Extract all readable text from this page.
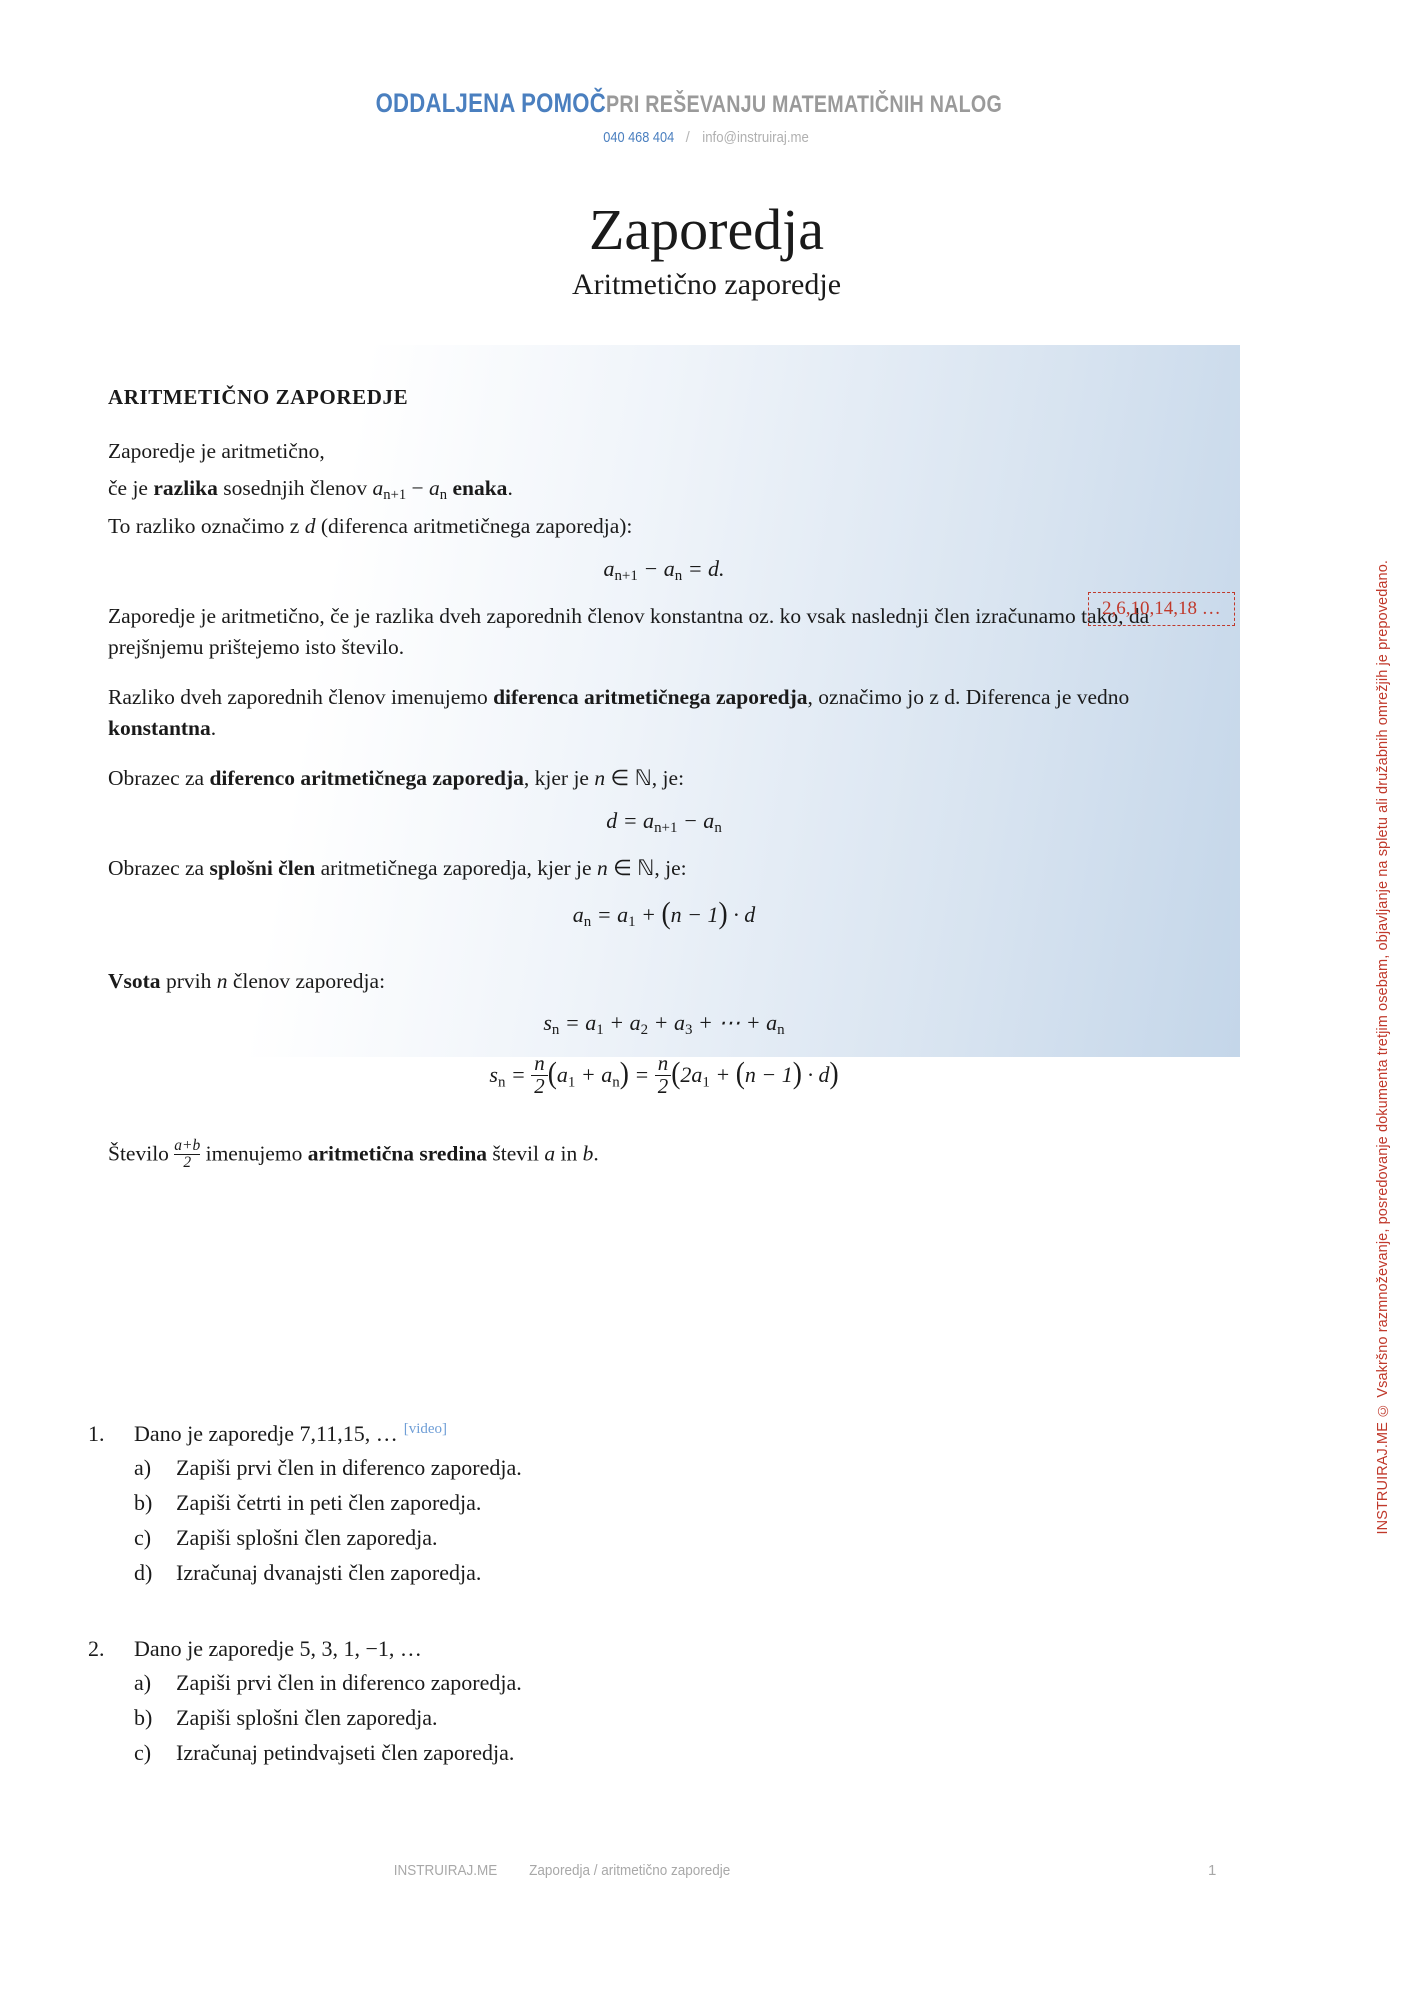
ODDALJENA POMOČPRI REŠEVANJU MATEMATIČNIH NALOG
040 468 404 / info@instruiraj.me
Zaporedja
Aritmetično zaporedje
ARITMETIČNO ZAPOREDJE
Zaporedje je aritmetično,
če je razlika sosednjih členov $a_{n+1} - a_n$ enaka.
To razliko označimo z d (diferenca aritmetičnega zaporedja):
$a_{n+1} - a_n = d$.
Zaporedje je aritmetično, če je razlika dveh zaporednih členov konstantna oz. ko vsak naslednji člen izračunamo tako, da prejšnjemu prištejemo isto število.
Razliko dveh zaporednih členov imenujemo diferenca aritmetičnega zaporedja, označimo jo z d. Diferenca je vedno konstantna.
Obrazec za diferenco aritmetičnega zaporedja, kjer je n ∈ ℕ, je:
$d = a_{n+1} - a_n$
Obrazec za splošni člen aritmetičnega zaporedja, kjer je n ∈ ℕ, je:
$a_n = a_1 + (n - 1) \cdot d$
Vsota prvih n členov zaporedja:
$s_n = a_1 + a_2 + a_3$ + ⋯ + $a_n$
$s_n = \frac{n}{2} (a_1 + a_n) = \frac{n}{2} (2a_1 + (n - 1) \cdot d)$
Število $\frac{a+b}{2}$ imenujemo aritmetična sredina števil a in b.
2,6,10,14,18 …	INSTRUIRAJ.ME © Vsakršno razmnoževanje, posredovanje dokumenta tretjim osebam, objavljanje na spletu ali družabnih omrežjih je prepovedano.
1.	Dano je zaporedje 7,11,15, … [video]
a)	Zapiši prvi člen in diferenco zaporedja.
b)	Zapiši četrti in peti člen zaporedja.
c)	Zapiši splošni člen zaporedja.
d)	Izračunaj dvanajsti člen zaporedja.
2.	Dano je zaporedje 5, 3, 1, −1, …
a)	Zapiši prvi člen in diferenco zaporedja.
b)	Zapiši splošni člen zaporedja.
c)	Izračunaj petindvajseti člen zaporedja.
INSTRUIRAJ.ME Zaporedja / aritmetično zaporedje	1
